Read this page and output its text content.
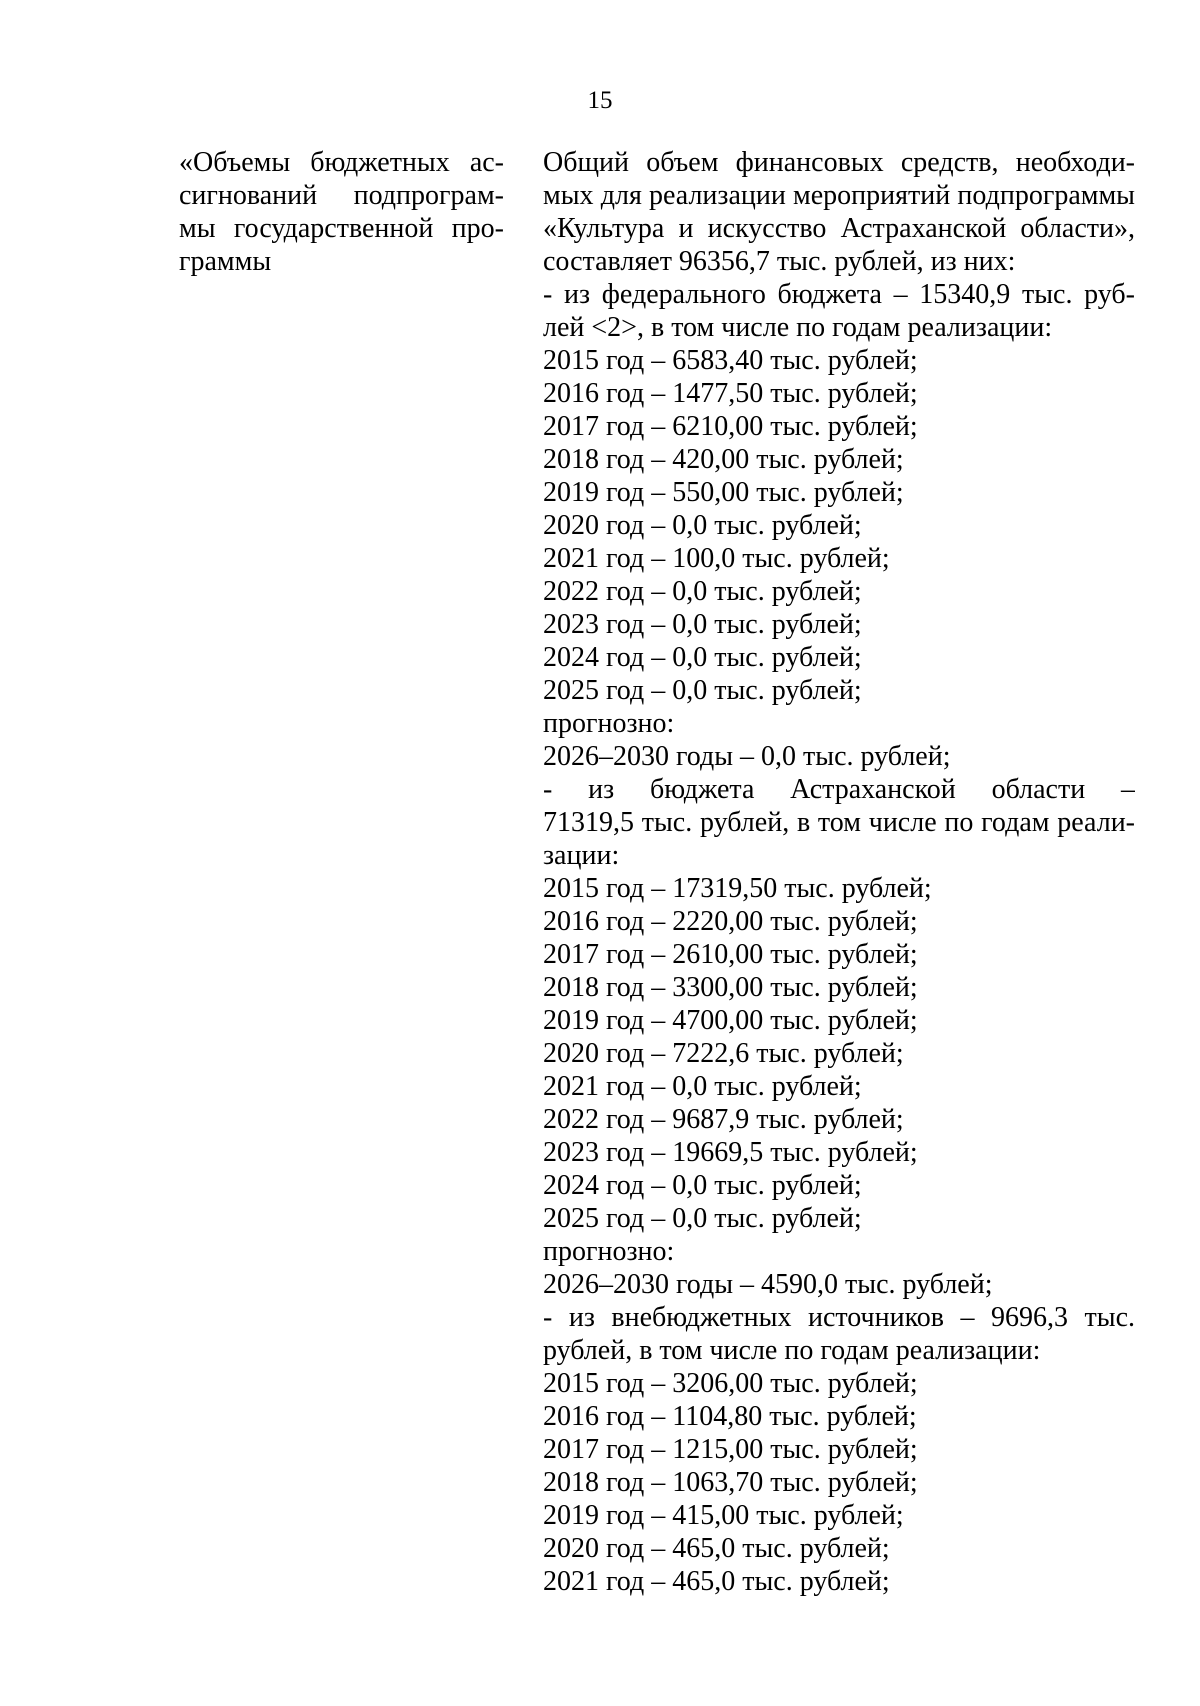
15
«Объемы бюджетных ас-
сигнований подпрограм-
мы государственной про-
граммы
Общий объем финансовых средств, необходи-
мых для реализации мероприятий подпрограммы
«Культура и искусство Астраханской области»,
составляет 96356,7 тыс. рублей, из них:
- из федерального бюджета – 15340,9 тыс. руб-
лей <2>, в том числе по годам реализации:
2015 год – 6583,40 тыс. рублей;
2016 год – 1477,50 тыс. рублей;
2017 год – 6210,00 тыс. рублей;
2018 год – 420,00 тыс. рублей;
2019 год – 550,00 тыс. рублей;
2020 год – 0,0 тыс. рублей;
2021 год – 100,0 тыс. рублей;
2022 год – 0,0 тыс. рублей;
2023 год – 0,0 тыс. рублей;
2024 год – 0,0 тыс. рублей;
2025 год – 0,0 тыс. рублей;
прогнозно:
2026–2030 годы – 0,0 тыс. рублей;
- из бюджета Астраханской области –
71319,5 тыс. рублей, в том числе по годам реали-
зации:
2015 год – 17319,50 тыс. рублей;
2016 год – 2220,00 тыс. рублей;
2017 год – 2610,00 тыс. рублей;
2018 год – 3300,00 тыс. рублей;
2019 год – 4700,00 тыс. рублей;
2020 год – 7222,6 тыс. рублей;
2021 год – 0,0 тыс. рублей;
2022 год – 9687,9 тыс. рублей;
2023 год – 19669,5 тыс. рублей;
2024 год – 0,0 тыс. рублей;
2025 год – 0,0 тыс. рублей;
прогнозно:
2026–2030 годы – 4590,0 тыс. рублей;
- из внебюджетных источников – 9696,3 тыс.
рублей, в том числе по годам реализации:
2015 год – 3206,00 тыс. рублей;
2016 год – 1104,80 тыс. рублей;
2017 год – 1215,00 тыс. рублей;
2018 год – 1063,70 тыс. рублей;
2019 год – 415,00 тыс. рублей;
2020 год – 465,0 тыс. рублей;
2021 год – 465,0 тыс. рублей;
